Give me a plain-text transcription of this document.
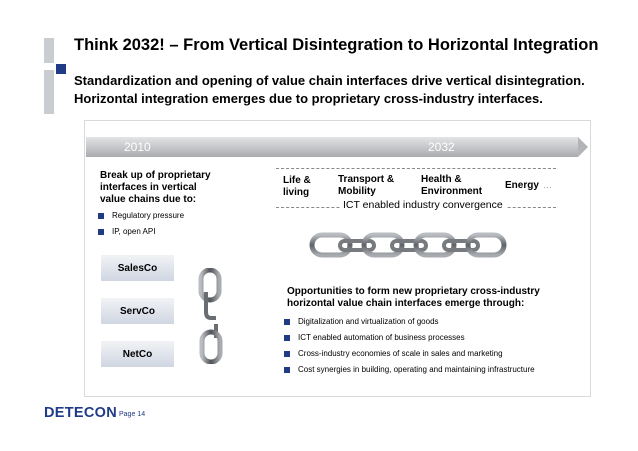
Think 2032! – From Vertical Disintegration to Horizontal Integration
Standardization and opening of value chain interfaces drive vertical disintegration.
Horizontal integration emerges due to proprietary cross-industry interfaces.
2010	2032
Break up of proprietary
interfaces in vertical
value chains due to:
Regulatory pressure
IP, open API
Life &
living
Transport &
Mobility
Health &
Environment
Energy …
ICT enabled industry convergence
SalesCo
ServCo
NetCo
Opportunities to form new proprietary cross-industry
horizontal value chain interfaces emerge through:
Digitalization and virtualization of goods
ICT enabled automation of business processes
Cross-industry economies of scale in sales and marketing
Cost synergies in building, operating and maintaining infrastructure
DETECON Page 14
